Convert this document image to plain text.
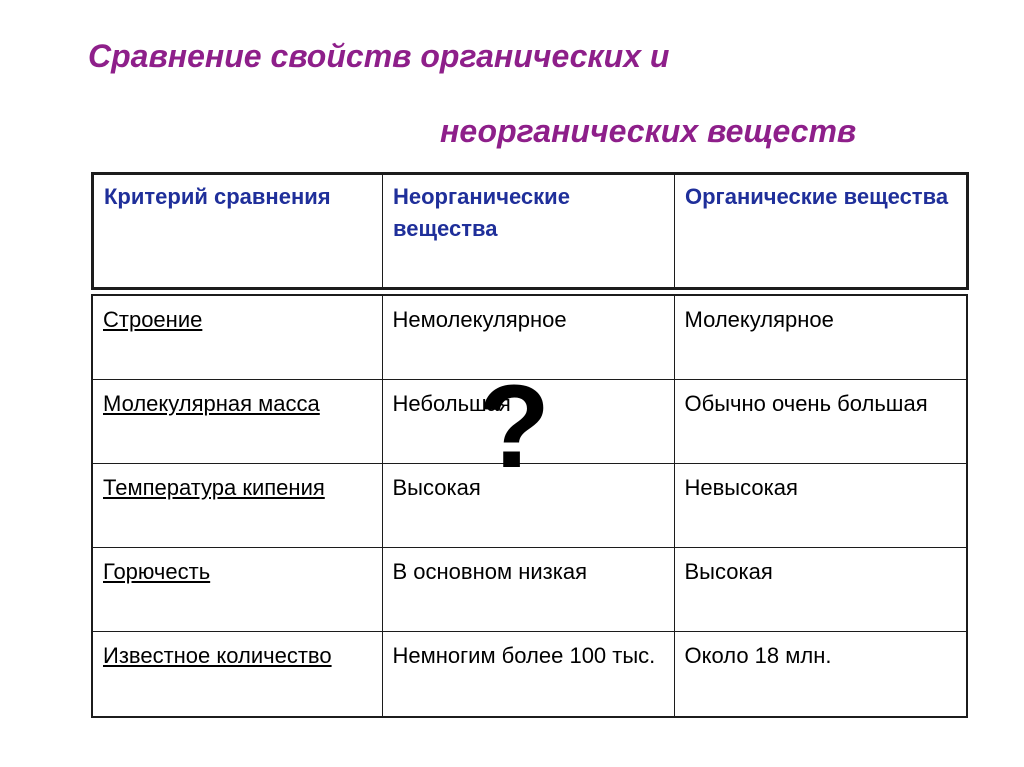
Сравнение свойств органических и
неорганических веществ
Критерий сравнения	Неорганические вещества	Органические вещества
Строение	Немолекулярное	Молекулярное
Молекулярная масса	Небольшая	Обычно очень большая
Температура кипения	Высокая	Невысокая
Горючесть	В основном низкая	Высокая
Известное количество	Немногим более 100 тыс.	Около 18 млн.
?
